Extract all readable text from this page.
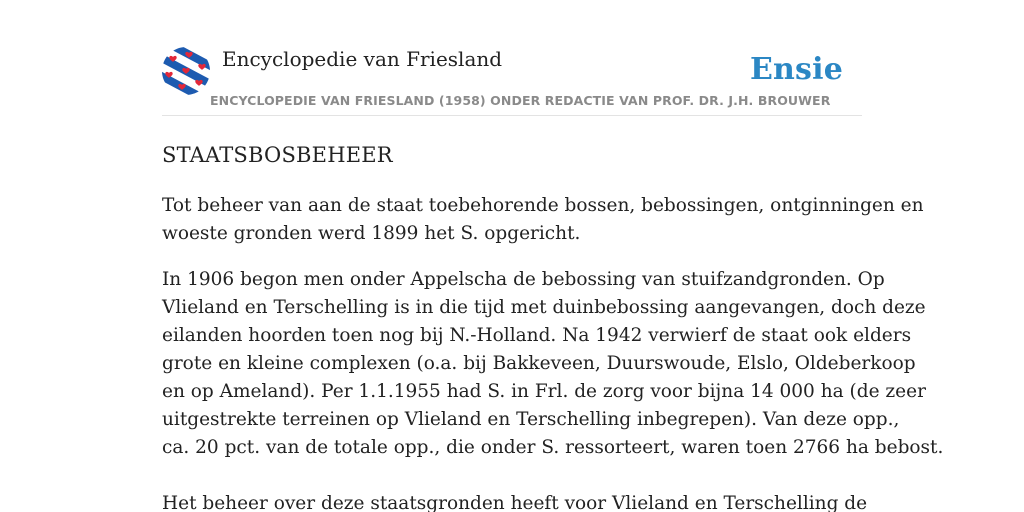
Encyclopedie van Friesland	Ensie
ENCYCLOPEDIE VAN FRIESLAND (1958) ONDER REDACTIE VAN PROF. DR. J.H. BROUWER
STAATSBOSBEHEER

Tot beheer van aan de staat toebehorende bossen, bebossingen, ontginningen en
woeste gronden werd 1899 het S. opgericht.

In 1906 begon men onder Appelscha de bebossing van stuifzandgronden. Op
Vlieland en Terschelling is in die tijd met duinbebossing aangevangen, doch deze
eilanden hoorden toen nog bij N.-Holland. Na 1942 verwierf de staat ook elders
grote en kleine complexen (o.a. bij Bakkeveen, Duurswoude, Elslo, Oldeberkoop
en op Ameland). Per 1.1.1955 had S. in Frl. de zorg voor bijna 14 000 ha (de zeer
uitgestrekte terreinen op Vlieland en Terschelling inbegrepen). Van deze opp.,
ca. 20 pct. van de totale opp., die onder S. ressorteert, waren toen 2766 ha bebost.

Het beheer over deze staatsgronden heeft voor Vlieland en Terschelling de
